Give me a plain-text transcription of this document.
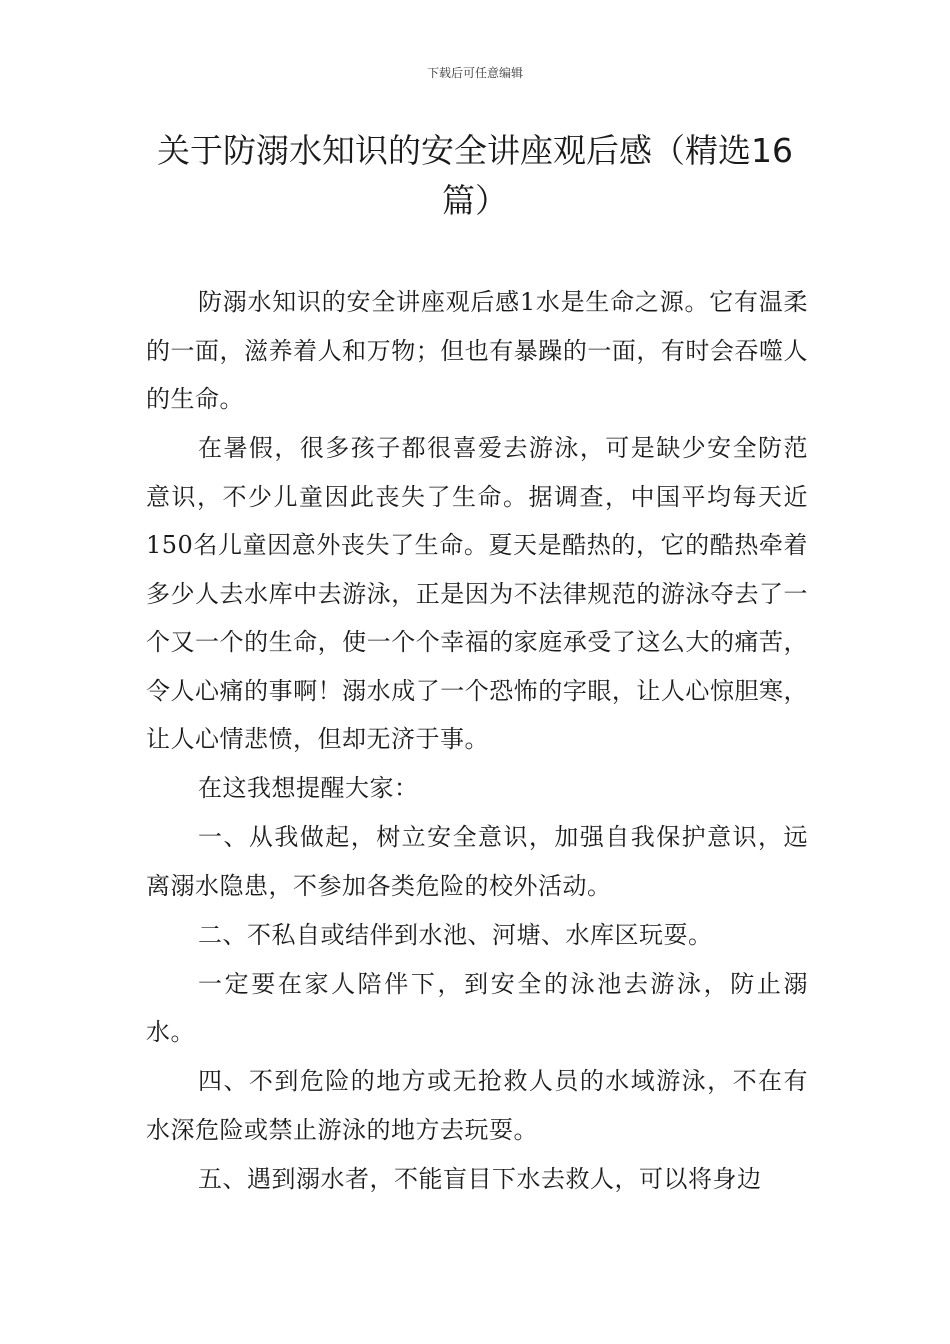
下载后可任意编辑
关于防溺水知识的安全讲座观后感（精选16篇）

防溺水知识的安全讲座观后感1水是生命之源。它有温柔的一面，滋养着人和万物；但也有暴躁的一面，有时会吞噬人的生命。

在暑假，很多孩子都很喜爱去游泳，可是缺少安全防范意识，不少儿童因此丧失了生命。据调查，中国平均每天近150名儿童因意外丧失了生命。夏天是酷热的，它的酷热牵着多少人去水库中去游泳，正是因为不法律规范的游泳夺去了一个又一个的生命，使一个个幸福的家庭承受了这么大的痛苦，令人心痛的事啊！溺水成了一个恐怖的字眼，让人心惊胆寒，让人心情悲愤，但却无济于事。

在这我想提醒大家：

一、从我做起，树立安全意识，加强自我保护意识，远离溺水隐患，不参加各类危险的校外活动。

二、不私自或结伴到水池、河塘、水库区玩耍。

一定要在家人陪伴下，到安全的泳池去游泳，防止溺水。

四、不到危险的地方或无抢救人员的水域游泳，不在有水深危险或禁止游泳的地方去玩耍。

五、遇到溺水者，不能盲目下水去救人，可以将身边
